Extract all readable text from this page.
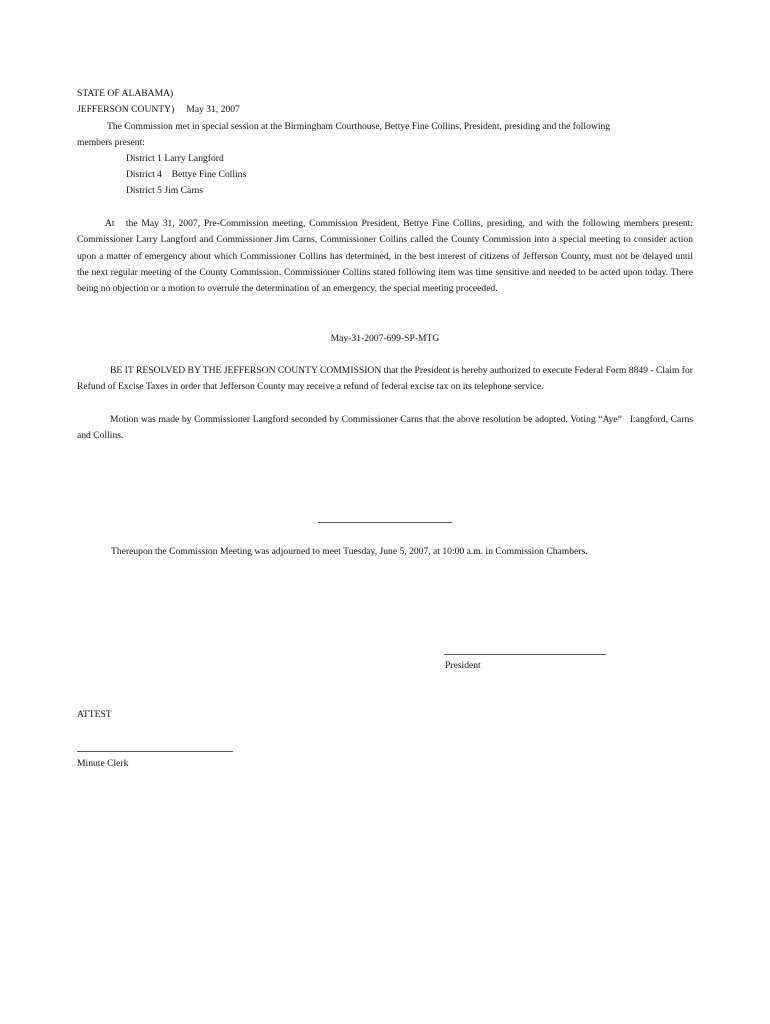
STATE OF ALABAMA)
JEFFERSON COUNTY) May 31, 2007
The Commission met in special session at the Birmingham Courthouse, Bettye Fine Collins, President, presiding and the following
members present:
District 1 Larry Langford
District 4    Bettye Fine Collins
District 5 Jim Carns
At   the May 31, 2007, Pre-Commission meeting, Commission President, Bettye Fine Collins, presiding, and with the following members present: Commissioner Larry Langford and Commissioner Jim Carns, Commissioner Collins called the County Commission into a special meeting to consider action upon a matter of emergency about which Commissioner Collins has determined, in the best interest of citizens of Jefferson County, must not be delayed until the next regular meeting of the County Commission. Commissioner Collins stated following item was time sensitive and needed to be acted upon today. There being no objection or a motion to overrule the determination of an emergency, the special meeting proceeded.
May-31-2007-699-SP-MTG
BE IT RESOLVED BY THE JEFFERSON COUNTY COMMISSION that the President is hereby authorized to execute Federal Form 8849 - Claim for Refund of Excise Taxes in order that Jefferson County may receive a refund of federal excise tax on its telephone service.
Motion was made by Commissioner Langford seconded by Commissioner Carns that the above resolution be adopted. Voting “Aye”   Langford, Carns and Collins.
Thereupon the Commission Meeting was adjourned to meet Tuesday, June 5, 2007, at 10:00 a.m. in Commission Chambers.
President
ATTEST
Minute Clerk
